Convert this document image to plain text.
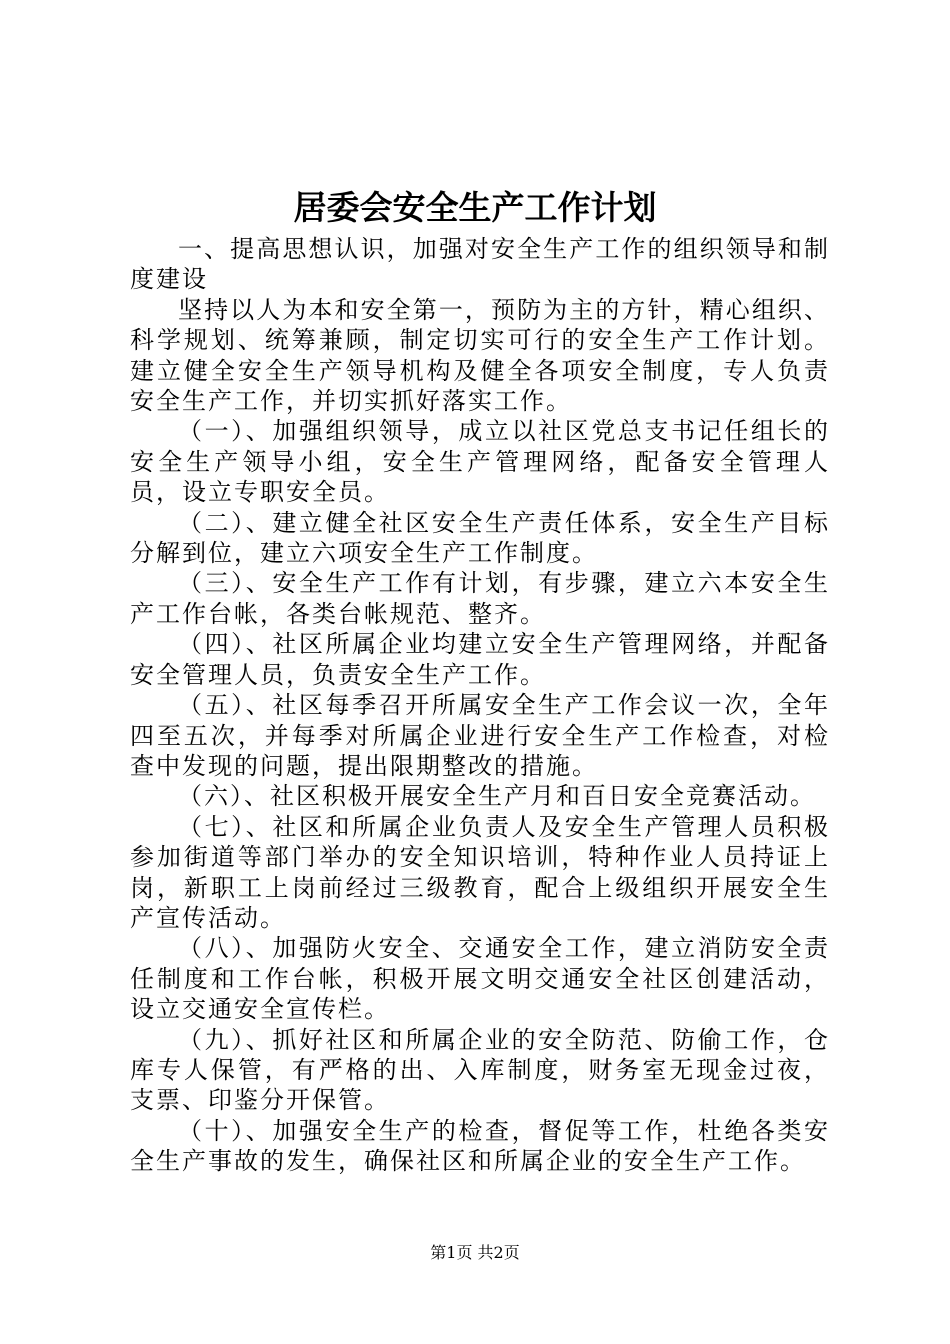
居委会安全生产工作计划

一、提高思想认识，加强对安全生产工作的组织领导和制度建设

坚持以人为本和安全第一，预防为主的方针，精心组织、科学规划、统筹兼顾，制定切实可行的安全生产工作计划。建立健全安全生产领导机构及健全各项安全制度，专人负责安全生产工作，并切实抓好落实工作。

（一）、加强组织领导，成立以社区党总支书记任组长的安全生产领导小组，安全生产管理网络，配备安全管理人员，设立专职安全员。

（二）、建立健全社区安全生产责任体系，安全生产目标分解到位，建立六项安全生产工作制度。

（三）、安全生产工作有计划，有步骤，建立六本安全生产工作台帐，各类台帐规范、整齐。

（四）、社区所属企业均建立安全生产管理网络，并配备安全管理人员，负责安全生产工作。

（五）、社区每季召开所属安全生产工作会议一次，全年四至五次，并每季对所属企业进行安全生产工作检查，对检查中发现的问题，提出限期整改的措施。

（六）、社区积极开展安全生产月和百日安全竞赛活动。

（七）、社区和所属企业负责人及安全生产管理人员积极参加街道等部门举办的安全知识培训，特种作业人员持证上岗，新职工上岗前经过三级教育，配合上级组织开展安全生产宣传活动。

（八）、加强防火安全、交通安全工作，建立消防安全责任制度和工作台帐，积极开展文明交通安全社区创建活动，设立交通安全宣传栏。

（九）、抓好社区和所属企业的安全防范、防偷工作，仓库专人保管，有严格的出、入库制度，财务室无现金过夜，支票、印鉴分开保管。

（十）、加强安全生产的检查，督促等工作，杜绝各类安全生产事故的发生，确保社区和所属企业的安全生产工作。

第1页 共2页
